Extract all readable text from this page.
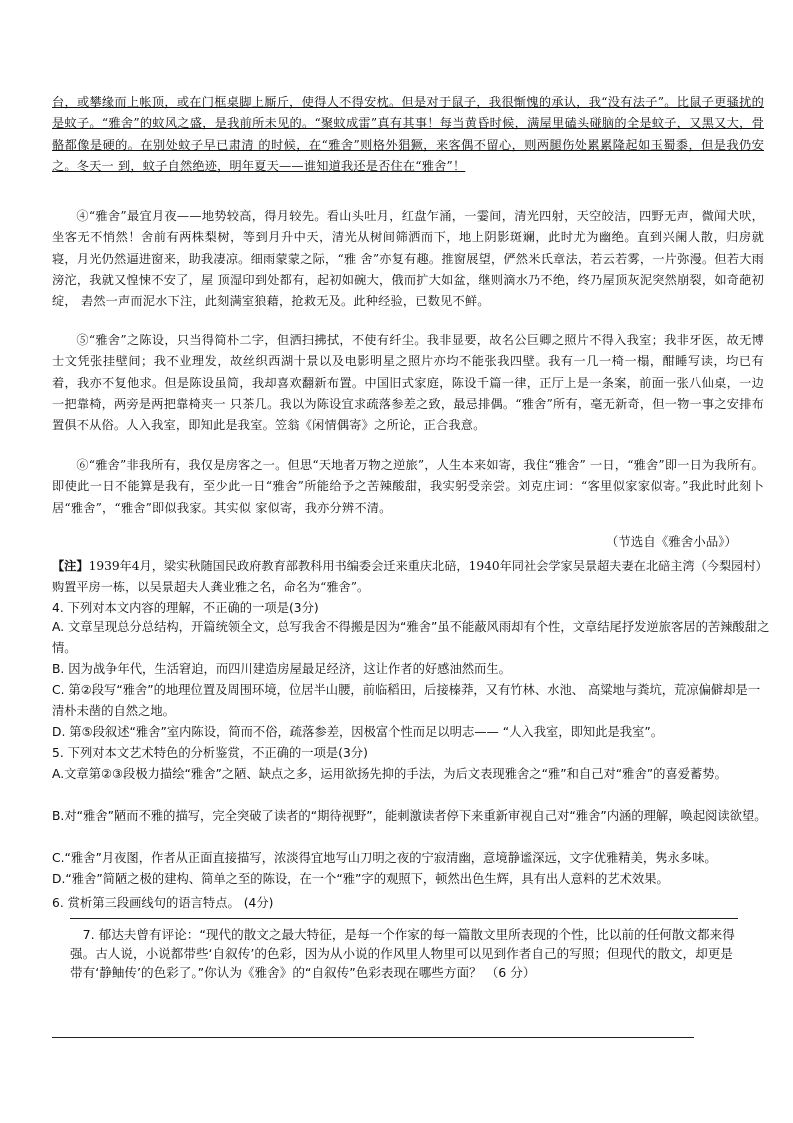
台，或攀缘而上帐顶，或在门框桌脚上厮斤，使得人不得安枕。但是对于鼠子，我很惭愧的承认，我“没有法子”。比鼠子更骚扰的是蚊子。“雅舍”的蚊风之盛，是我前所未见的。“聚蚊成雷”真有其事！每当黄昏时候，满屋里磕头碰脑的全是蚊子，又黑又大，骨骼都像是硬的。在别处蚊子早已肃清 的时候，在“雅舍”则格外猖獗，来客偶不留心，则两腿伤处累累隆起如玉蜀黍，但是我仍安之。冬天一 到，蚊子自然绝迹，明年夏天——谁知道我还是否住在“雅舍”！
④“雅舍”最宜月夜——地势较高，得月较先。看山头吐月，红盘乍涌，一霎间，清光四射，天空皎洁，四野无声，微闻犬吠，坐客无不悄然！舍前有两株梨树，等到月升中天，清光从树间筛洒而下，地上阴影斑斓，此时尤为幽绝。直到兴阑人散，归房就寝，月光仍然逼进窗来，助我凄凉。细雨蒙蒙之际，“雅 舍”亦复有趣。推窗展望，俨然米氏章法，若云若雾，一片弥漫。但若大雨滂沱，我就又惶悚不安了，屋 顶湿印到处都有，起初如碗大，俄而扩大如盆，继则滴水乃不绝，终乃屋顶灰泥突然崩裂，如奇葩初绽， 砉然一声而泥水下注，此刻满室狼藉，抢救无及。此种经验，已数见不鲜。
⑤“雅舍”之陈设，只当得简朴二字，但洒扫拂拭，不使有纤尘。我非显要，故名公巨卿之照片不得入我室；我非牙医，故无博士文凭张挂壁间；我不业理发，故丝织西湖十景以及电影明星之照片亦均不能张我四壁。我有一几一椅一榻，酣睡写读，均已有着，我亦不复他求。但是陈设虽简，我却喜欢翻新布置。中国旧式家庭，陈设千篇一律，正厅上是一条案，前面一张八仙桌，一边一把靠椅，两旁是两把靠椅夹一 只茶几。我以为陈设宜求疏落参差之致，最忌排偶。“雅舍”所有，毫无新奇，但一物一事之安排布置俱不从俗。人入我室，即知此是我室。笠翁《闲情偶寄》之所论，正合我意。
⑥“雅舍”非我所有，我仅是房客之一。但思“天地者万物之逆旅”，人生本来如寄，我住“雅舍” 一日，“雅舍”即一日为我所有。即使此一日不能算是我有，至少此一日“雅舍”所能给予之苦辣酸甜，我实躬受亲尝。刘克庄词：“客里似家家似寄。”我此时此刻卜居“雅舍”，“雅舍”即似我家。其实似 家似寄，我亦分辨不清。
（节选自《雅舍小品》）
【注】1939年4月，梁实秋随国民政府教育部教科用书编委会迁来重庆北碚，1940年同社会学家吴景超夫妻在北碚主湾（今梨园村）购置平房一栋，以吴景超夫人龚业雅之名，命名为“雅舍”。
4. 下列对本文内容的理解，不正确的一项是(3分)
A. 文章呈现总分总结构，开篇统领全文，总写我舍不得搬是因为“雅舍”虽不能蔽风雨却有个性，文章结尾抒发逆旅客居的苦辣酸甜之情。
B. 因为战争年代，生活窘迫，而四川建造房屋最足经济，这让作者的好感油然而生。
C. 第②段写“雅舍”的地理位置及周围环境，位居半山腰，前临稻田，后接榛莽，又有竹林、水池、 高粱地与粪坑，荒凉偏僻却是一清朴未凿的自然之地。
D. 第⑤段叙述“雅舍”室内陈设，简而不俗，疏落参差，因极富个性而足以明志—— “人入我室，即知此是我室”。
5. 下列对本文艺术特色的分析鉴赏，不正确的一项是(3分)
A.文章第②③段极力描绘“雅舍”之陋、缺点之多，运用欲扬先抑的手法，为后文表现雅舍之“雅”和自己对“雅舍”的喜爱蓄势。
B.对“雅舍”陋而不雅的描写，完全突破了读者的“期待视野”，能刺激读者停下来重新审视自己对“雅舍”内涵的理解，唤起阅读欲望。
C.“雅舍”月夜图，作者从正面直接描写，浓淡得宜地写山刀明之夜的宁寂清幽，意境静谧深远，文字优雅精美，隽永多味。
D.“雅舍”简陋之极的建构、简单之至的陈设，在一个“雅”字的观照下，顿然出色生辉，具有出人意料的艺术效果。
6. 赏析第三段画线句的语言特点。 (4分)
7. 郁达夫曾有评论：“现代的散文之最大特征，是每一个作家的每一篇散文里所表现的个性，比以前的任何散文都来得强。古人说，小说都带些‘自叙传’的色彩，因为从小说的作风里人物里可以见到作者自己的写照；但现代的散文，却更是带有‘静鲉传’的色彩了。”你认为《雅舍》的“自叙传”色彩表现在哪些方面？ （6 分）
